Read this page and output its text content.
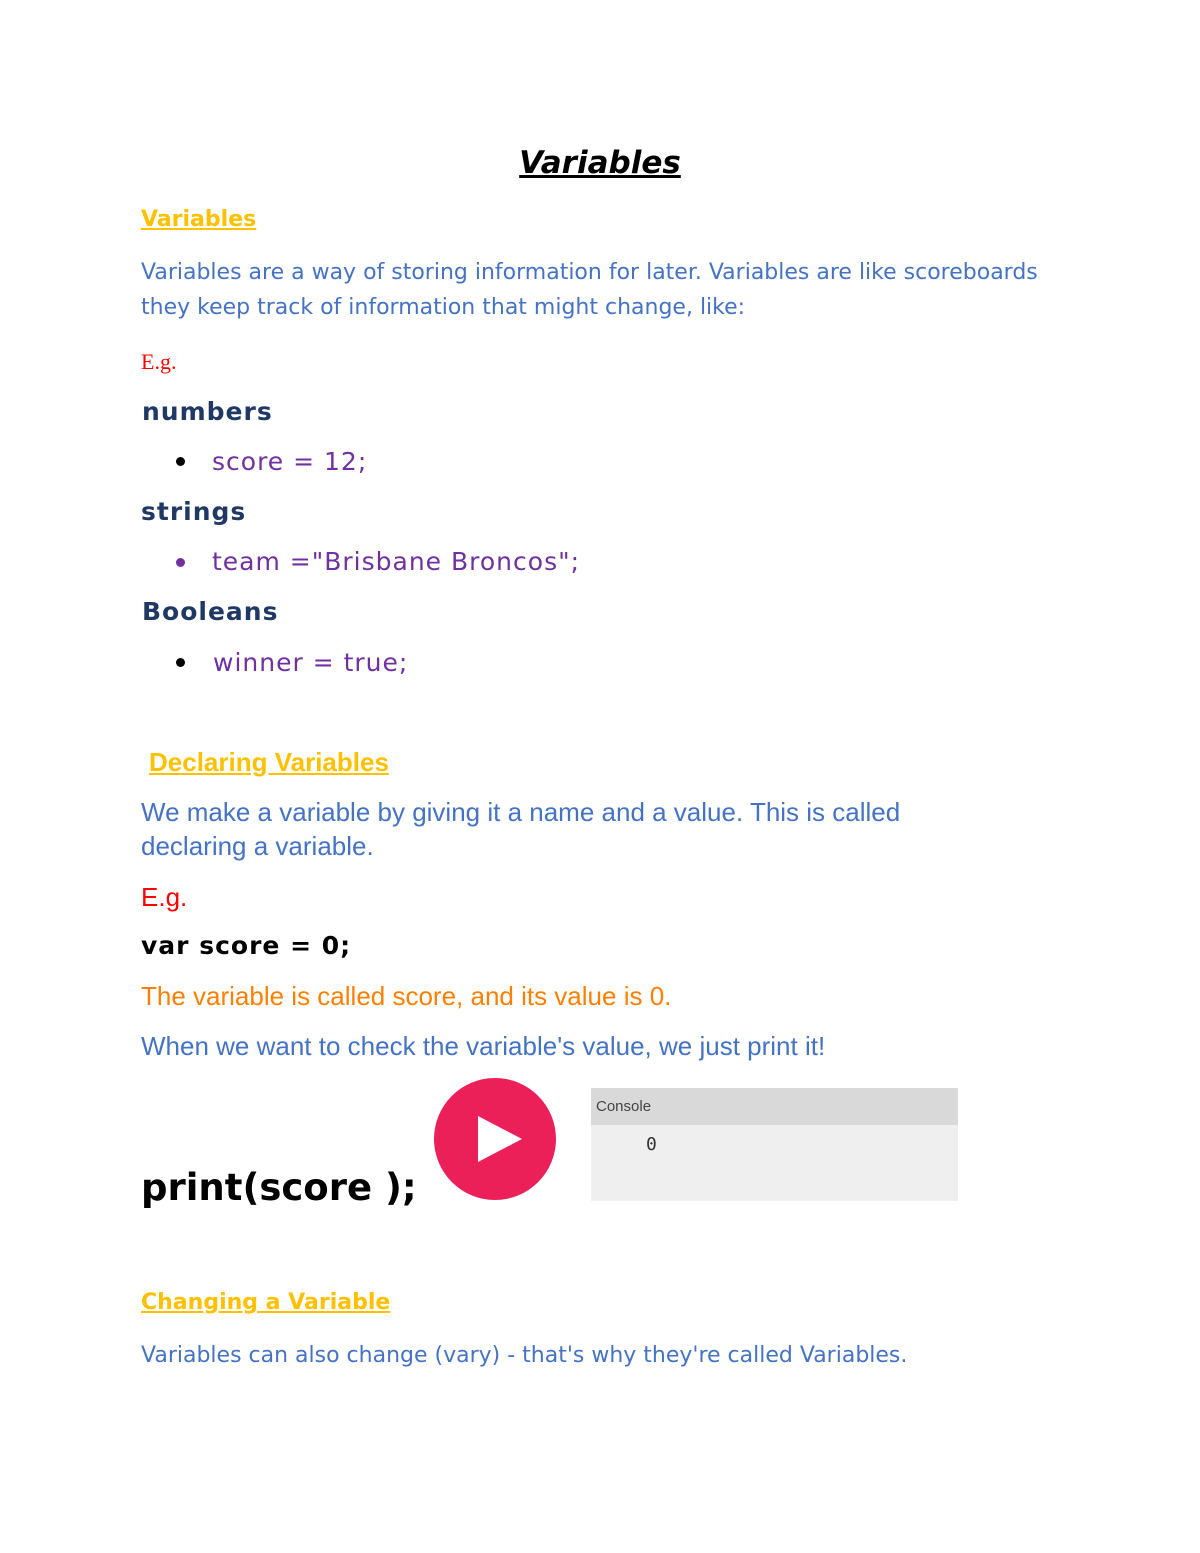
Variables
Variables
Variables are a way of storing information for later. Variables are like scoreboards
they keep track of information that might change, like:
E.g.
numbers
score = 12;
strings
team ="Brisbane Broncos";
Booleans
winner = true;
Declaring Variables
We make a variable by giving it a name and a value. This is called
declaring a variable.
E.g.
var score = 0;
The variable is called score, and its value is 0.
When we want to check the variable's value, we just print it!
print(score );
Console
0
Changing a Variable
Variables can also change (vary) - that's why they're called Variables.
